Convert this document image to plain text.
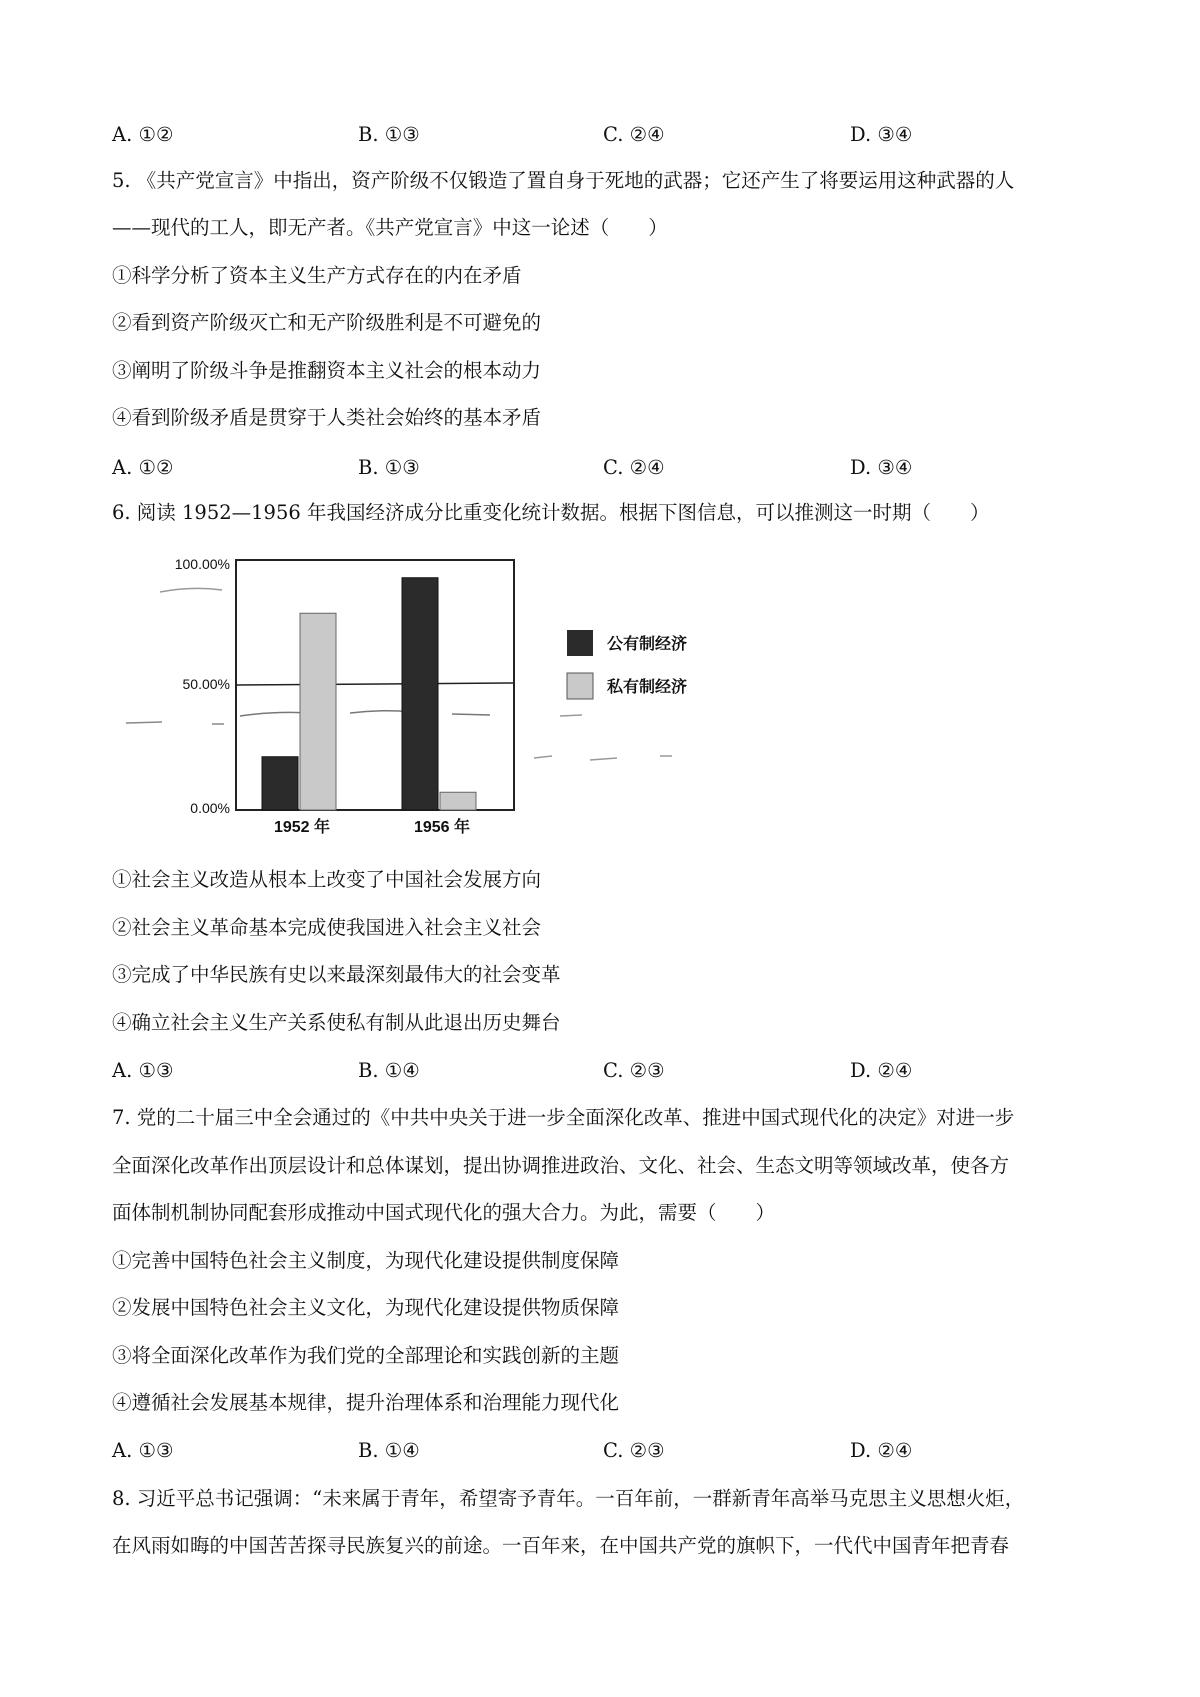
A. ①②	B. ①③	C. ②④	D. ③④
5. 《共产党宣言》中指出，资产阶级不仅锻造了置自身于死地的武器；它还产生了将要运用这种武器的人
——现代的工人，即无产者。《共产党宣言》中这一论述（　　）
①科学分析了资本主义生产方式存在的内在矛盾
②看到资产阶级灭亡和无产阶级胜利是不可避免的
③阐明了阶级斗争是推翻资本主义社会的根本动力
④看到阶级矛盾是贯穿于人类社会始终的基本矛盾
A. ①②	B. ①③	C. ②④	D. ③④
6. 阅读 1952—1956 年我国经济成分比重变化统计数据。根据下图信息，可以推测这一时期（　　）
100.00%
50.00%
0.00%
1952 年	1956 年
公有制经济
私有制经济
①社会主义改造从根本上改变了中国社会发展方向
②社会主义革命基本完成使我国进入社会主义社会
③完成了中华民族有史以来最深刻最伟大的社会变革
④确立社会主义生产关系使私有制从此退出历史舞台
A. ①③	B. ①④	C. ②③	D. ②④
7. 党的二十届三中全会通过的《中共中央关于进一步全面深化改革、推进中国式现代化的决定》对进一步
全面深化改革作出顶层设计和总体谋划，提出协调推进政治、文化、社会、生态文明等领域改革，使各方
面体制机制协同配套形成推动中国式现代化的强大合力。为此，需要（　　）
①完善中国特色社会主义制度，为现代化建设提供制度保障
②发展中国特色社会主义文化，为现代化建设提供物质保障
③将全面深化改革作为我们党的全部理论和实践创新的主题
④遵循社会发展基本规律，提升治理体系和治理能力现代化
A. ①③	B. ①④	C. ②③	D. ②④
8. 习近平总书记强调：“未来属于青年，希望寄予青年。一百年前，一群新青年高举马克思主义思想火炬，
在风雨如晦的中国苦苦探寻民族复兴的前途。一百年来，在中国共产党的旗帜下，一代代中国青年把青春
